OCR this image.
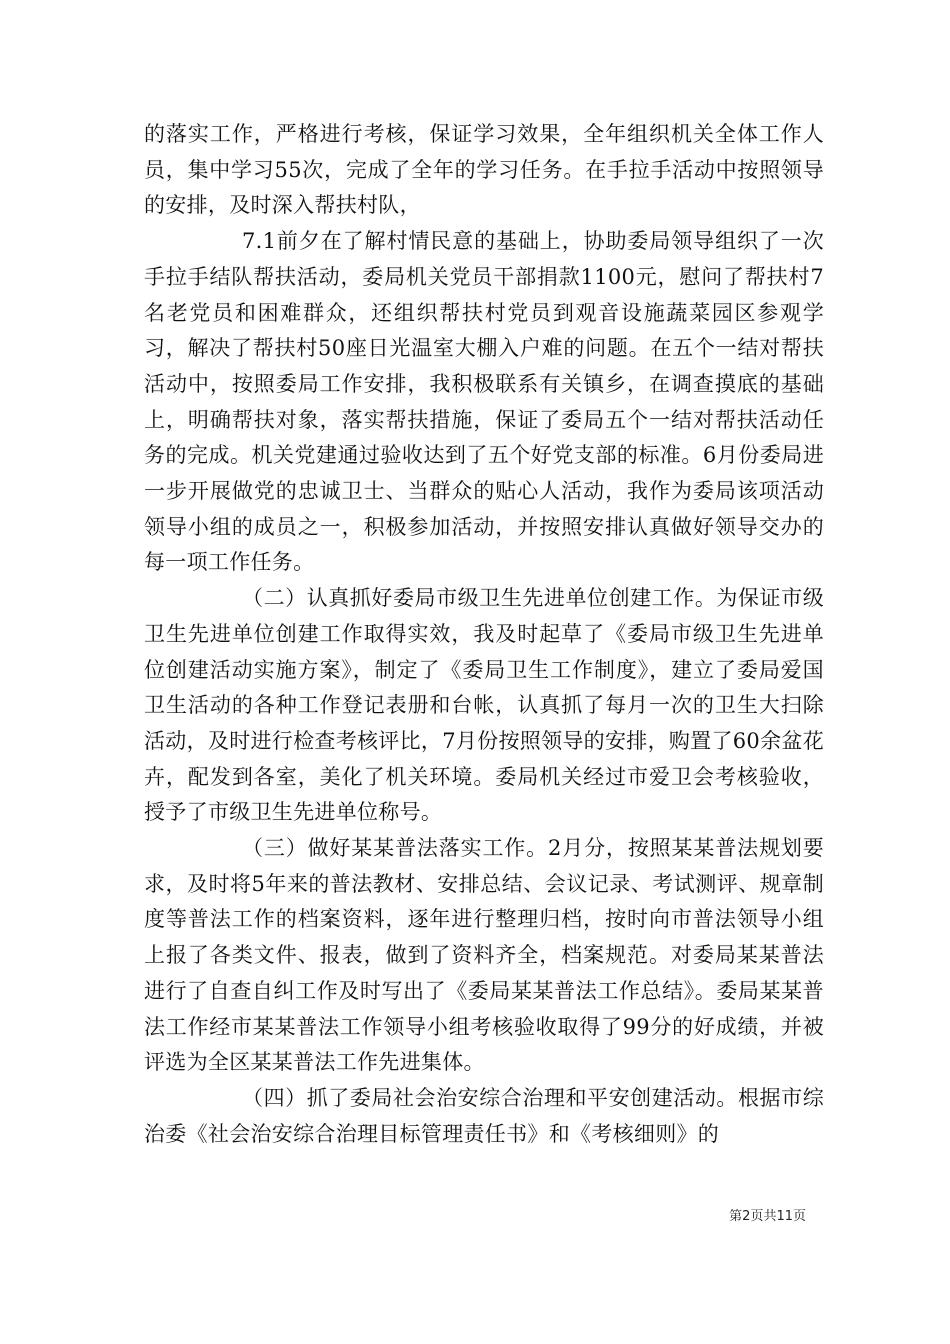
的落实工作，严格进行考核，保证学习效果，全年组织机关全体工作人员，集中学习55次，完成了全年的学习任务。在手拉手活动中按照领导的安排，及时深入帮扶村队，

7.1前夕在了解村情民意的基础上，协助委局领导组织了一次手拉手结队帮扶活动，委局机关党员干部捐款1100元，慰问了帮扶村7名老党员和困难群众，还组织帮扶村党员到观音设施蔬菜园区参观学习，解决了帮扶村50座日光温室大棚入户难的问题。在五个一结对帮扶活动中，按照委局工作安排，我积极联系有关镇乡，在调查摸底的基础上，明确帮扶对象，落实帮扶措施，保证了委局五个一结对帮扶活动任务的完成。机关党建通过验收达到了五个好党支部的标准。6月份委局进一步开展做党的忠诚卫士、当群众的贴心人活动，我作为委局该项活动领导小组的成员之一，积极参加活动，并按照安排认真做好领导交办的每一项工作任务。

（二）认真抓好委局市级卫生先进单位创建工作。为保证市级卫生先进单位创建工作取得实效，我及时起草了《委局市级卫生先进单位创建活动实施方案》，制定了《委局卫生工作制度》，建立了委局爱国卫生活动的各种工作登记表册和台帐，认真抓了每月一次的卫生大扫除活动，及时进行检查考核评比，7月份按照领导的安排，购置了60余盆花卉，配发到各室，美化了机关环境。委局机关经过市爱卫会考核验收，授予了市级卫生先进单位称号。

（三）做好某某普法落实工作。2月分，按照某某普法规划要求，及时将5年来的普法教材、安排总结、会议记录、考试测评、规章制度等普法工作的档案资料，逐年进行整理归档，按时向市普法领导小组上报了各类文件、报表，做到了资料齐全，档案规范。对委局某某普法进行了自查自纠工作及时写出了《委局某某普法工作总结》。委局某某普法工作经市某某普法工作领导小组考核验收取得了99分的好成绩，并被评选为全区某某普法工作先进集体。

（四）抓了委局社会治安综合治理和平安创建活动。根据市综治委《社会治安综合治理目标管理责任书》和《考核细则》的

第2页共11页
